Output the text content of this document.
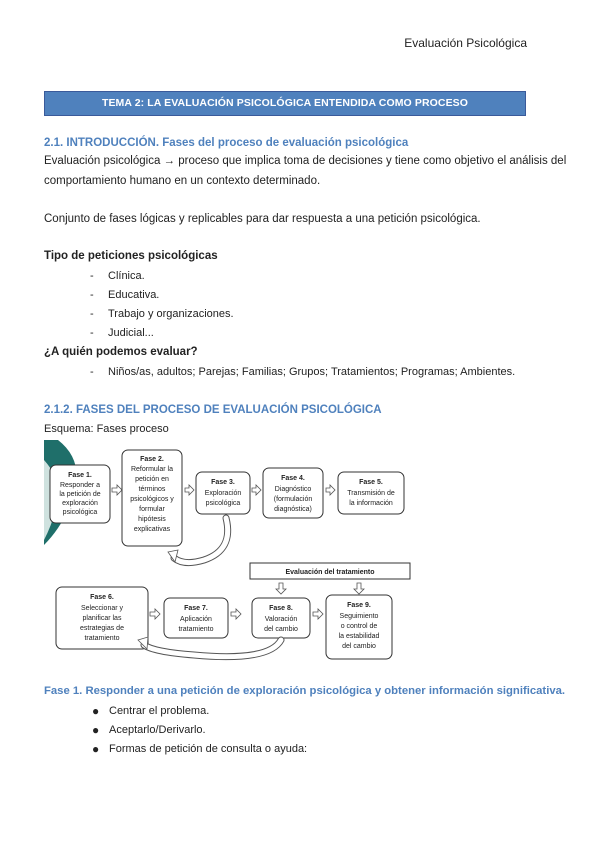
Evaluación Psicológica
TEMA 2: LA EVALUACIÓN PSICOLÓGICA ENTENDIDA COMO PROCESO
2.1. INTRODUCCIÓN. Fases del proceso de evaluación psicológica
Evaluación psicológica → proceso que implica toma de decisiones y tiene como objetivo el análisis del
comportamiento humano en un contexto determinado.
Conjunto de fases lógicas y replicables para dar respuesta a una petición psicológica.
Tipo de peticiones psicológicas
- Clínica.
- Educativa.
- Trabajo y organizaciones.
- Judicial...
¿A quién podemos evaluar?
- Niños/as, adultos; Parejas; Familias; Grupos; Tratamientos; Programas; Ambientes.
2.1.2. FASES DEL PROCESO DE EVALUACIÓN PSICOLÓGICA
Esquema: Fases proceso
Fase 1.
Responder a
la petición de
exploración
psicológica
Fase 2.
Reformular la
petición en
términos
psicológicos y
formular
hipótesis
explicativas
Fase 3.
Exploración
psicológica
Fase 4.
Diagnóstico
(formulación
diagnóstica)
Fase 5.
Transmisión de
la información
Evaluación del tratamiento
Fase 6.
Seleccionar y
planificar las
estrategias de
tratamiento
Fase 7.
Aplicación
tratamiento
Fase 8.
Valoración
del cambio
Fase 9.
Seguimiento
o control de
la estabilidad
del cambio
Fase 1. Responder a una petición de exploración psicológica y obtener información significativa.
● Centrar el problema.
● Aceptarlo/Derivarlo.
● Formas de petición de consulta o ayuda:
